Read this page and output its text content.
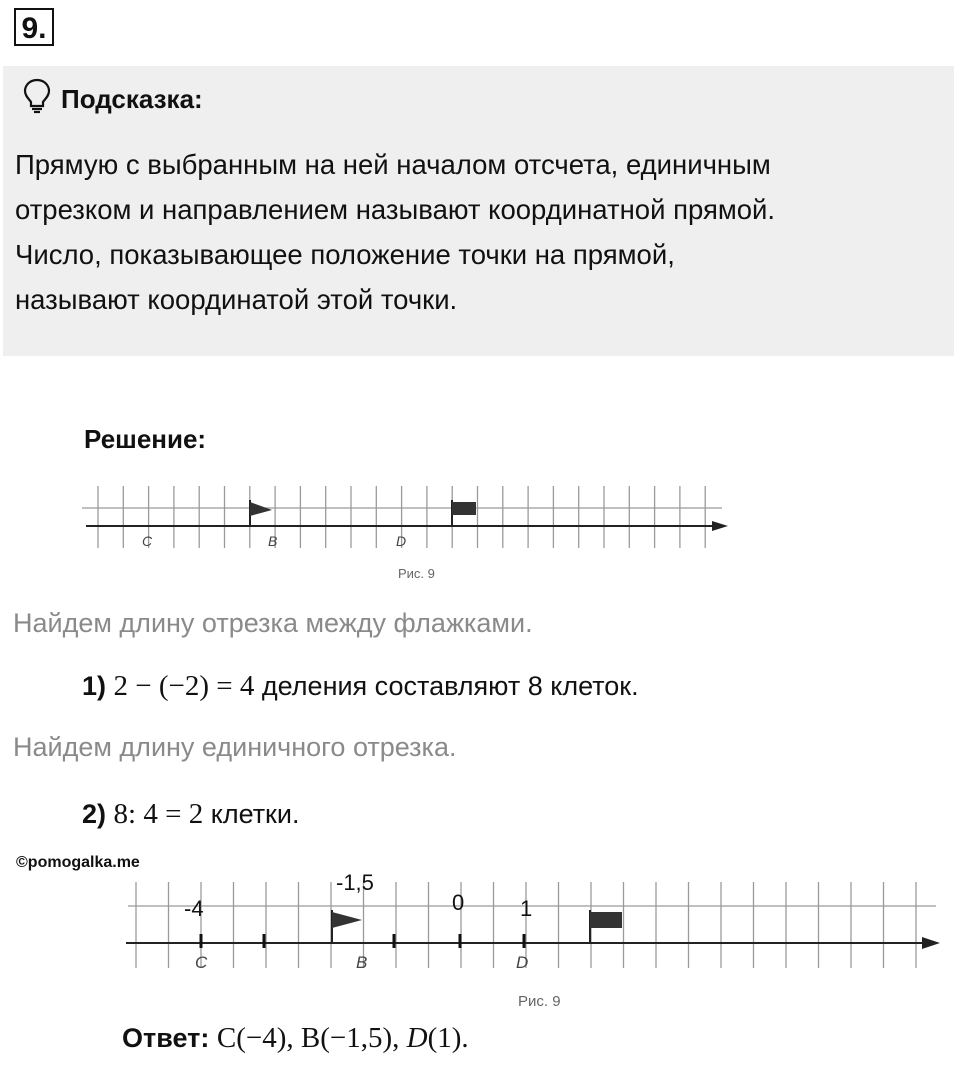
9.
Подсказка:
Прямую с выбранным на ней началом отсчета, единичным
отрезком и направлением называют координатной прямой.
Число, показывающее положение точки на прямой,
называют координатой этой точки.
Решение:
C	B	D
Рис. 9
Найдем длину отрезка между флажками.
1) 2 − (−2) = 4 деления составляют 8 клеток.
Найдем длину единичного отрезка.
2) 8: 4 = 2 клетки.
©pomogalka.me
-4
-1,5
0	1
C	B	D
Рис. 9
Ответ: C(−4), B(−1,5), D(1).
